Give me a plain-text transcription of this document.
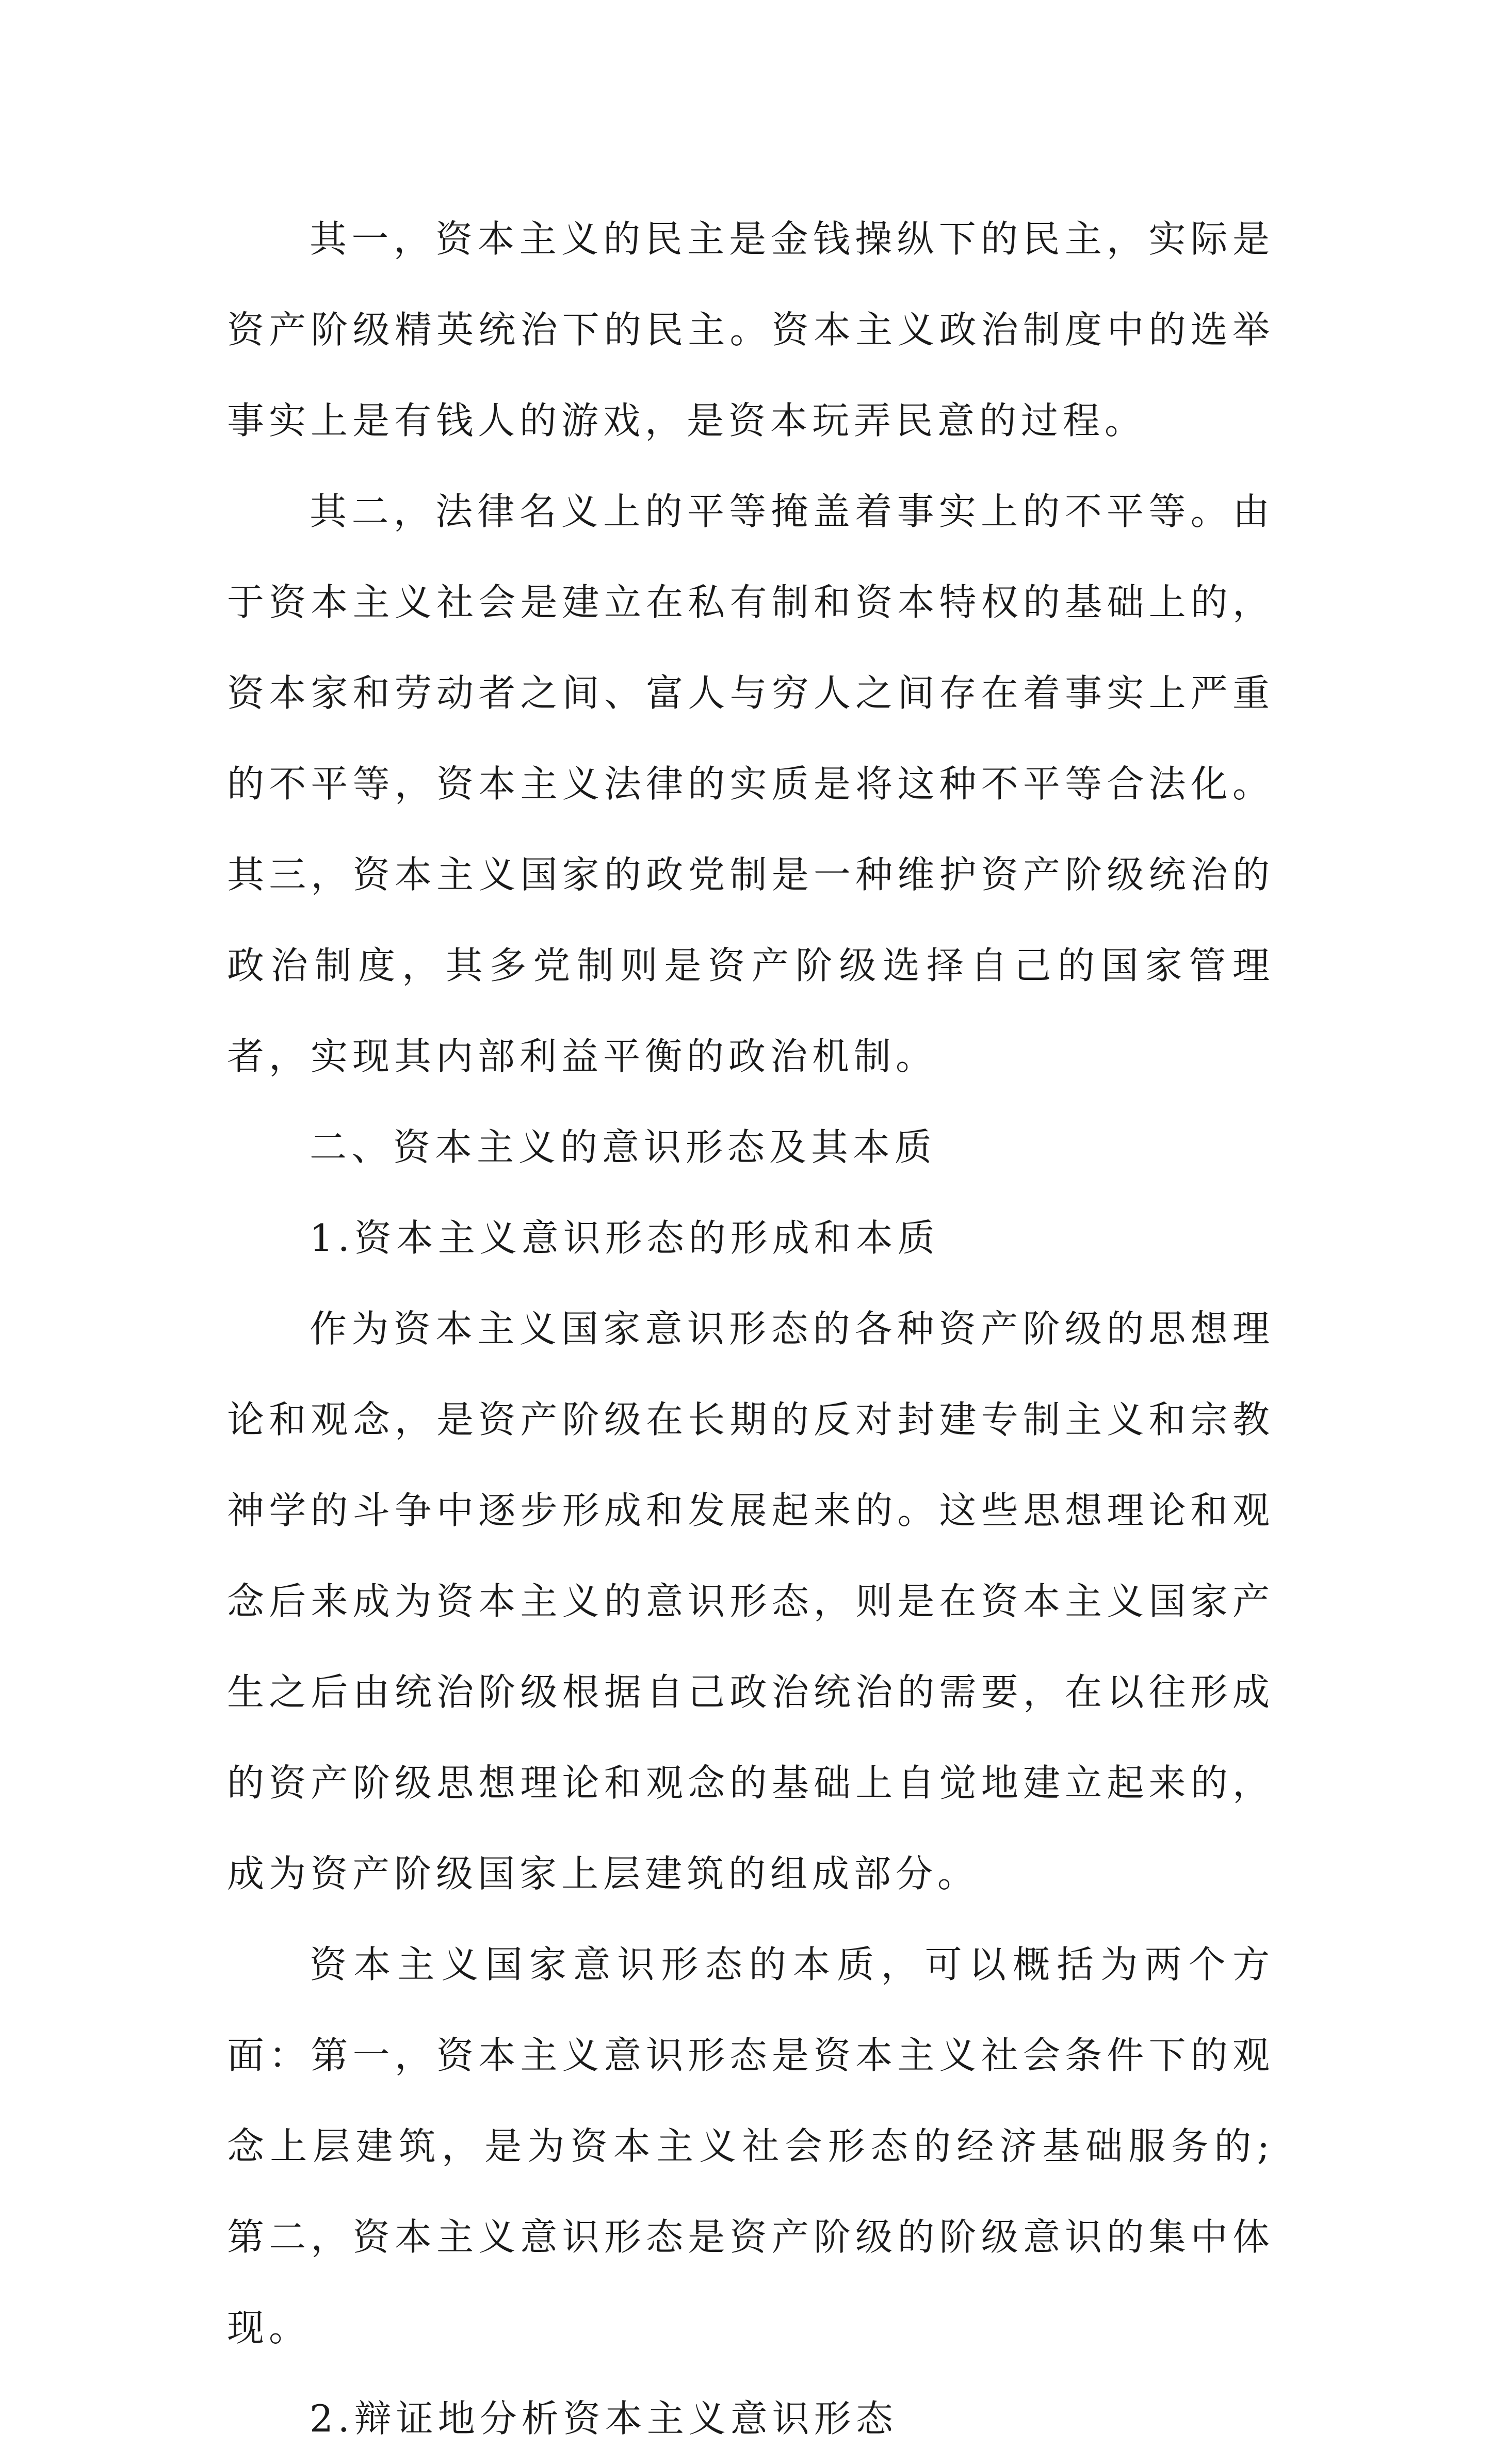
其一，资本主义的民主是金钱操纵下的民主，实际是资产阶级精英统治下的民主。资本主义政治制度中的选举事实上是有钱人的游戏，是资本玩弄民意的过程。

其二，法律名义上的平等掩盖着事实上的不平等。由于资本主义社会是建立在私有制和资本特权的基础上的，资本家和劳动者之间、富人与穷人之间存在着事实上严重的不平等，资本主义法律的实质是将这种不平等合法化。其三，资本主义国家的政党制是一种维护资产阶级统治的政治制度，其多党制则是资产阶级选择自己的国家管理者，实现其内部利益平衡的政治机制。

二、资本主义的意识形态及其本质

1.资本主义意识形态的形成和本质

作为资本主义国家意识形态的各种资产阶级的思想理论和观念，是资产阶级在长期的反对封建专制主义和宗教神学的斗争中逐步形成和发展起来的。这些思想理论和观念后来成为资本主义的意识形态，则是在资本主义国家产生之后由统治阶级根据自己政治统治的需要，在以往形成的资产阶级思想理论和观念的基础上自觉地建立起来的，成为资产阶级国家上层建筑的组成部分。

资本主义国家意识形态的本质，可以概括为两个方面：第一，资本主义意识形态是资本主义社会条件下的观念上层建筑，是为资本主义社会形态的经济基础服务的;第二，资本主义意识形态是资产阶级的阶级意识的集中体现。

2.辩证地分析资本主义意识形态
